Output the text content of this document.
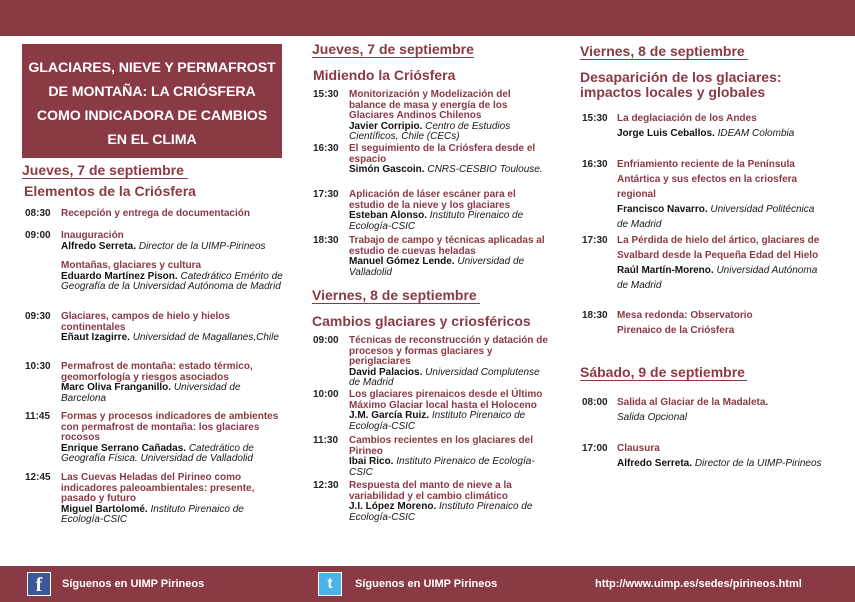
GLACIARES, NIEVE Y PERMAFROST
DE MONTAÑA: LA CRIÓSFERA
COMO INDICADORA DE CAMBIOS
EN EL CLIMA
Jueves, 7 de septiembre
Elementos de la Criósfera
08:30 Recepción y entrega de documentación
09:00 Inauguración
Alfredo Serreta. Director de la UIMP-Pirineos
Montañas, glaciares y cultura
Eduardo Martínez Pison. Catedrático Emérito de Geografía de la Universidad Autónoma de Madrid
09:30 Glaciares, campos de hielo y hielos continentales
Eñaut Izagirre. Universidad de Magallanes,Chile
10:30 Permafrost de montaña: estado térmico, geomorfología y riesgos asociados
Marc Oliva Franganillo. Universidad de Barcelona
11:45 Formas y procesos indicadores de ambientes con permafrost de montaña: los glaciares rocosos
Enrique Serrano Cañadas. Catedrático de Geografía Física. Universidad de Valladolid
12:45 Las Cuevas Heladas del Pirineo como indicadores paleoambientales: presente, pasado y futuro
Miguel Bartolomé. Instituto Pirenaico de Ecología-CSIC
Jueves, 7 de septiembre
Midiendo la Criósfera
15:30 Monitorización y Modelización del balance de masa y energía de los Glaciares Andinos Chilenos
Javier Corripio. Centro de Estudios Científicos, Chile (CECs)
16:30 El seguimiento de la Criósfera desde el espacio
Simón Gascoin. CNRS-CESBIO Toulouse.
17:30 Aplicación de láser escáner para el estudio de la nieve y los glaciares
Esteban Alonso. Instituto Pirenaico de Ecología-CSIC
18:30 Trabajo de campo y técnicas aplicadas al estudio de cuevas heladas
Manuel Gómez Lende. Universidad de Valladolid
Viernes, 8 de septiembre
Cambios glaciares y criosféricos
09:00 Técnicas de reconstrucción y datación de procesos y formas glaciares y periglaciares
David Palacios. Universidad Complutense de Madrid
10:00 Los glaciares pirenaicos desde el Último Máximo Glaciar local hasta el Holoceno
J.M. García Ruiz. Instituto Pirenaico de Ecología-CSIC
11:30 Cambios recientes en los glaciares del Pirineo
Ibai Rico. Instituto Pirenaico de Ecología-CSIC
12:30 Respuesta del manto de nieve a la variabilidad y el cambio climático
J.I. López Moreno. Instituto Pirenaico de Ecología-CSIC
Viernes, 8 de septiembre
Desaparición de los glaciares: impactos locales y globales
15:30 La deglaciación de los Andes
Jorge Luis Ceballos. IDEAM Colombia
16:30 Enfriamiento reciente de la Península Antártica y sus efectos en la criosfera regional
Francisco Navarro. Universidad Politécnica de Madrid
17:30 La Pérdida de hielo del ártico, glaciares de Svalbard desde la Pequeña Edad del Hielo
Raúl Martín-Moreno. Universidad Autónoma de Madrid
18:30 Mesa redonda: Observatorio Pirenaico de la Criósfera
Sábado, 9 de septiembre
08:00 Salida al Glaciar de la Madaleta.
Salida Opcional
17:00 Clausura
Alfredo Serreta. Director de la UIMP-Pirineos
f	Síguenos en UIMP Pirineos	t	Síguenos en UIMP Pirineos	http://www.uimp.es/sedes/pirineos.html
